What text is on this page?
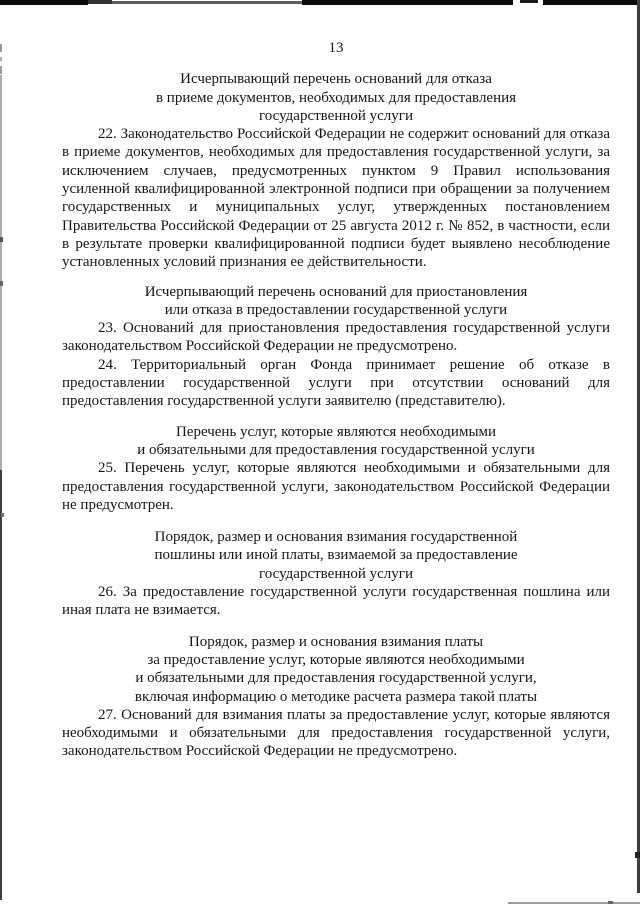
13
Исчерпывающий перечень оснований для отказа
в приеме документов, необходимых для предоставления
государственной услуги

22. Законодательство Российской Федерации не содержит оснований для отказа в приеме документов, необходимых для предоставления государственной услуги, за исключением случаев, предусмотренных пунктом 9 Правил использования усиленной квалифицированной электронной подписи при обращении за получением государственных и муниципальных услуг, утвержденных постановлением Правительства Российской Федерации от 25 августа 2012 г. № 852, в частности, если в результате проверки квалифицированной подписи будет выявлено несоблюдение установленных условий признания ее действительности.

Исчерпывающий перечень оснований для приостановления
или отказа в предоставлении государственной услуги

23. Оснований для приостановления предоставления государственной услуги законодательством Российской Федерации не предусмотрено.

24. Территориальный орган Фонда принимает решение об отказе в предоставлении государственной услуги при отсутствии оснований для предоставления государственной услуги заявителю (представителю).

Перечень услуг, которые являются необходимыми
и обязательными для предоставления государственной услуги

25. Перечень услуг, которые являются необходимыми и обязательными для предоставления государственной услуги, законодательством Российской Федерации не предусмотрен.

Порядок, размер и основания взимания государственной
пошлины или иной платы, взимаемой за предоставление
государственной услуги

26. За предоставление государственной услуги государственная пошлина или иная плата не взимается.

Порядок, размер и основания взимания платы
за предоставление услуг, которые являются необходимыми
и обязательными для предоставления государственной услуги,
включая информацию о методике расчета размера такой платы

27. Оснований для взимания платы за предоставление услуг, которые являются необходимыми и обязательными для предоставления государственной услуги, законодательством Российской Федерации не предусмотрено.
